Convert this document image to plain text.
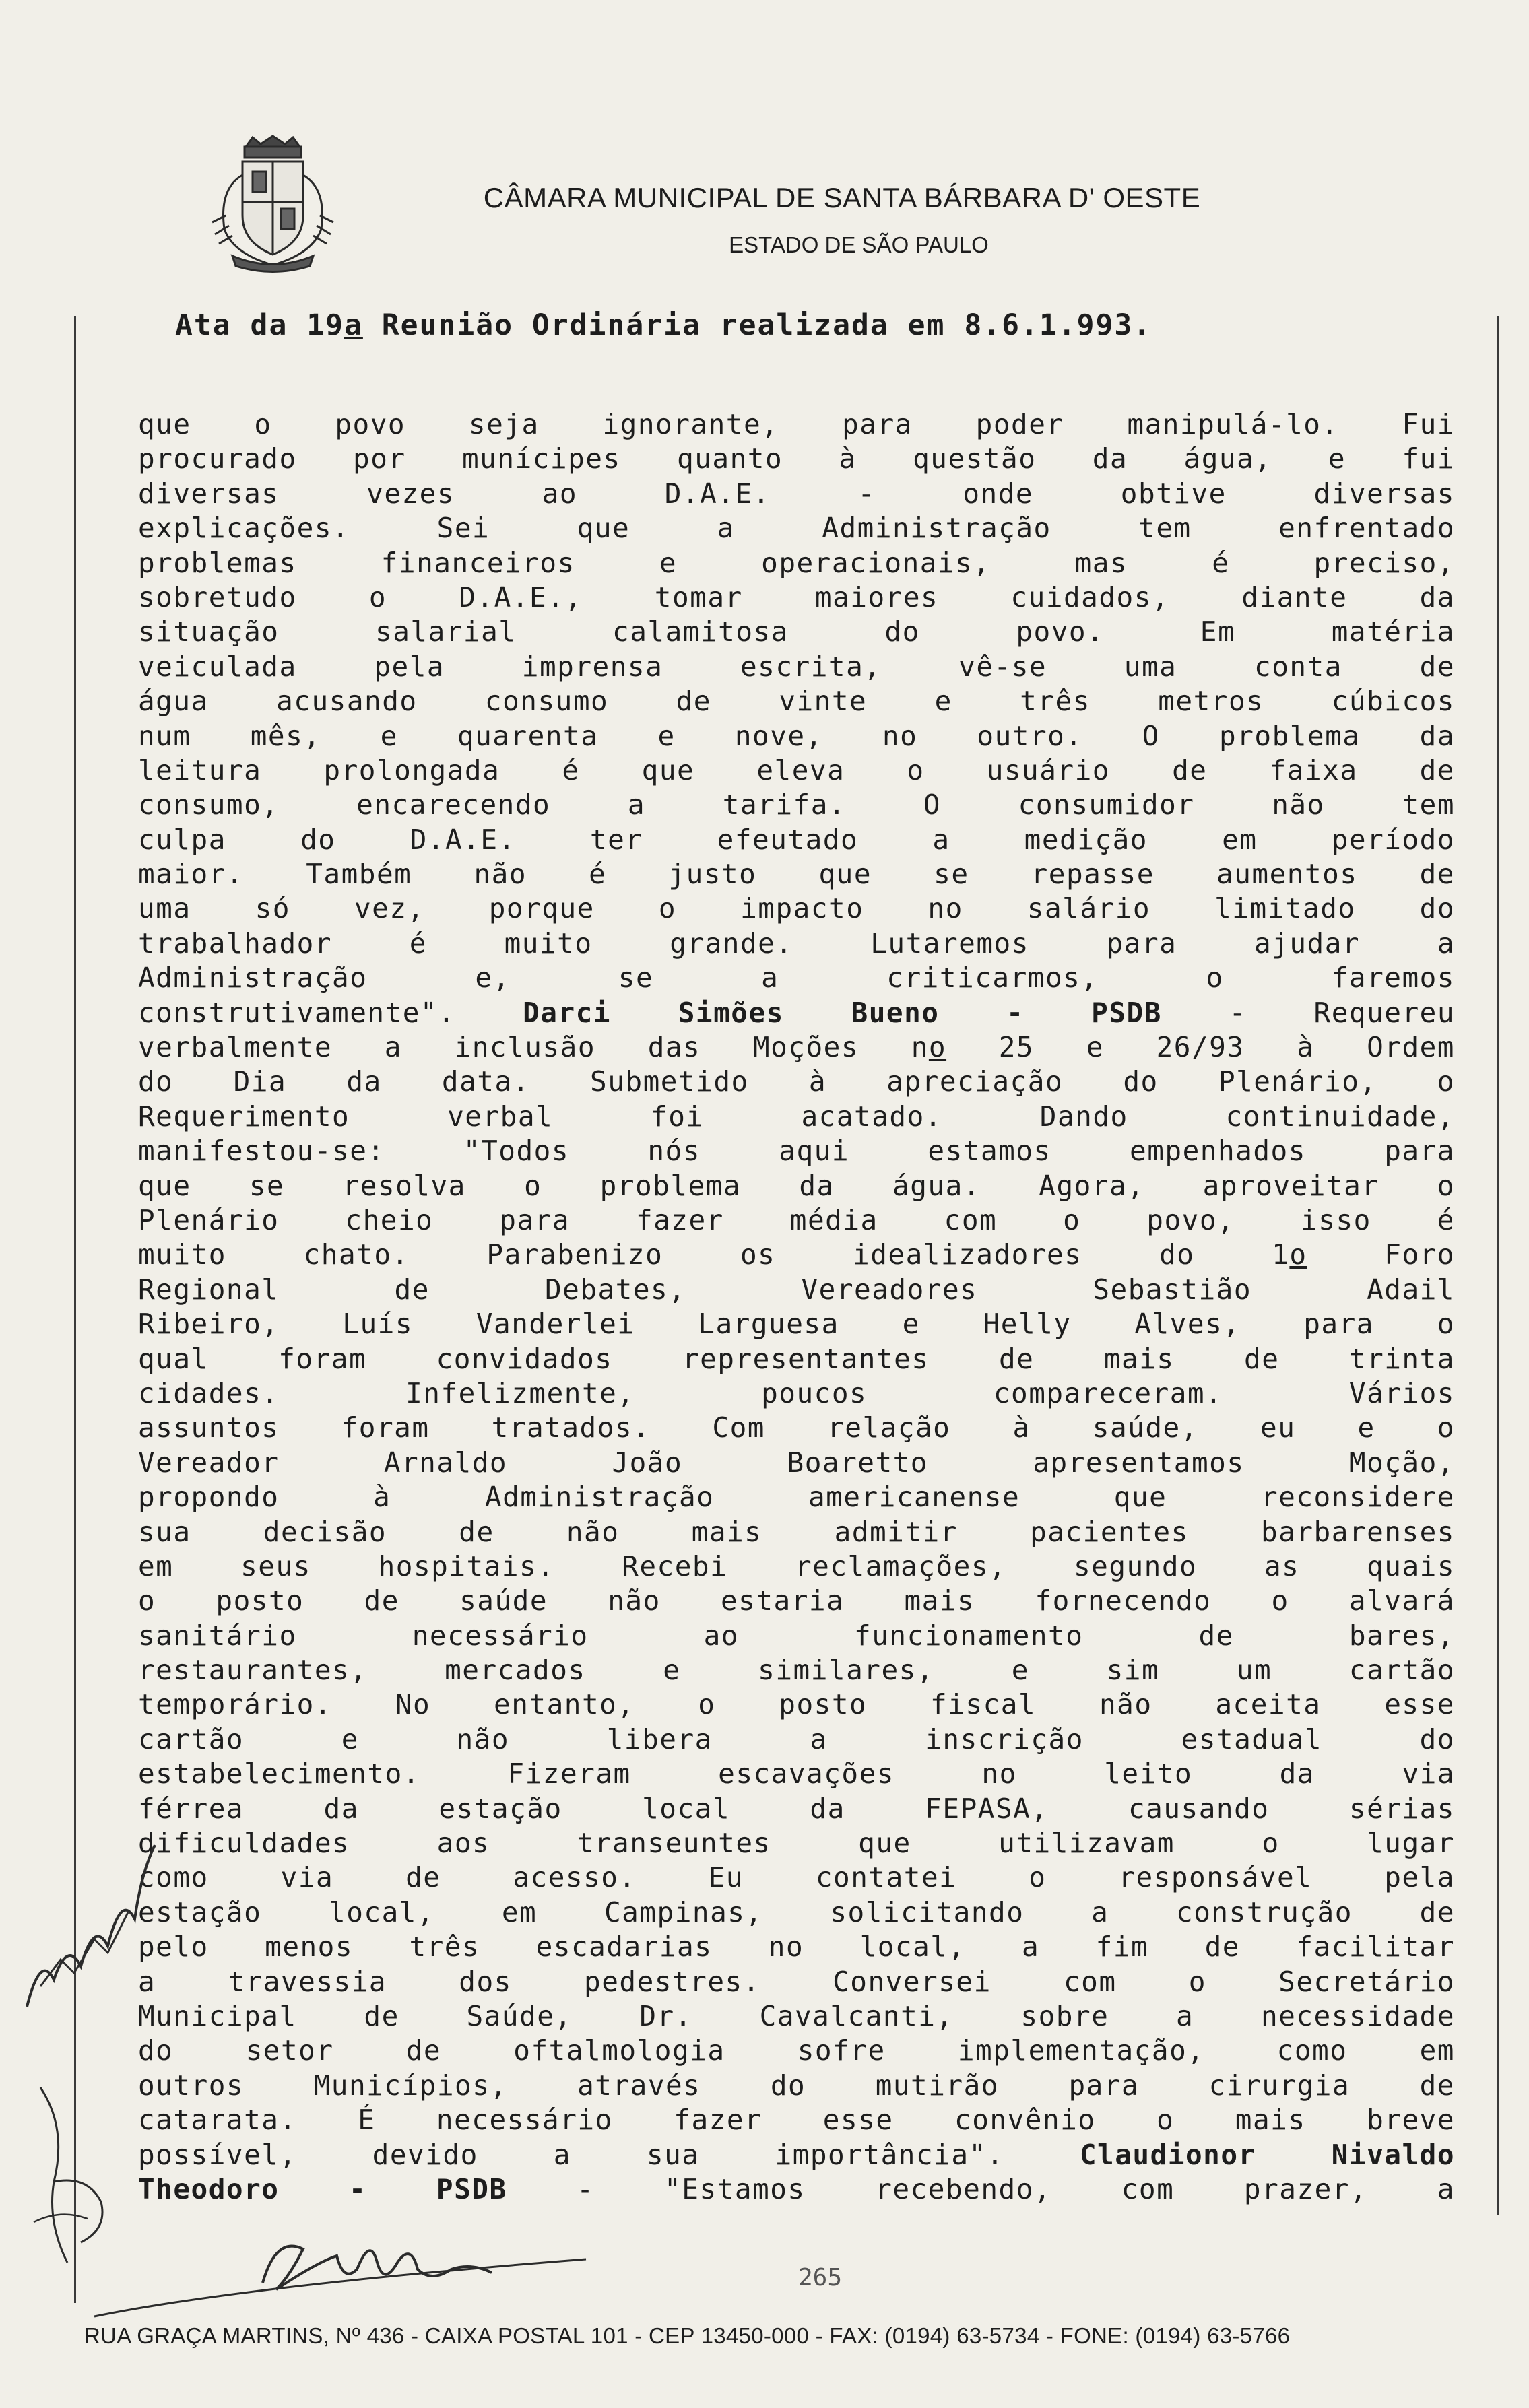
CÂMARA MUNICIPAL DE SANTA BÁRBARA D' OESTE
ESTADO DE SÃO PAULO
Ata da 19a Reunião Ordinária realizada em 8.6.1.993.
que o povo seja ignorante, para poder manipulá-lo. Fui
procurado por munícipes quanto à questão da água, e fui
diversas vezes ao D.A.E. - onde obtive diversas
explicações. Sei que a Administração tem enfrentado
problemas financeiros e operacionais, mas é preciso,
sobretudo o D.A.E., tomar maiores cuidados, diante da
situação salarial calamitosa do povo. Em matéria
veiculada pela imprensa escrita, vê-se uma conta de
água acusando consumo de vinte e três metros cúbicos
num mês, e quarenta e nove, no outro. O problema da
leitura prolongada é que eleva o usuário de faixa de
consumo, encarecendo a tarifa. O consumidor não tem
culpa do D.A.E. ter efeutado a medição em período
maior. Também não é justo que se repasse aumentos de
uma só vez, porque o impacto no salário limitado do
trabalhador é muito grande. Lutaremos para ajudar a
Administração e, se a criticarmos, o faremos
construtivamente". Darci Simões Bueno - PSDB - Requereu
verbalmente a inclusão das Moções no 25 e 26/93 à Ordem
do Dia da data. Submetido à apreciação do Plenário, o
Requerimento verbal foi acatado. Dando continuidade,
manifestou-se: "Todos nós aqui estamos empenhados para
que se resolva o problema da água. Agora, aproveitar o
Plenário cheio para fazer média com o povo, isso é
muito chato. Parabenizo os idealizadores do 1o Foro
Regional de Debates, Vereadores Sebastião Adail
Ribeiro, Luís Vanderlei Larguesa e Helly Alves, para o
qual foram convidados representantes de mais de trinta
cidades. Infelizmente, poucos compareceram. Vários
assuntos foram tratados. Com relação à saúde, eu e o
Vereador Arnaldo João Boaretto apresentamos Moção,
propondo à Administração americanense que reconsidere
sua decisão de não mais admitir pacientes barbarenses
em seus hospitais. Recebi reclamações, segundo as quais
o posto de saúde não estaria mais fornecendo o alvará
sanitário necessário ao funcionamento de bares,
restaurantes, mercados e similares, e sim um cartão
temporário. No entanto, o posto fiscal não aceita esse
cartão e não libera a inscrição estadual do
estabelecimento. Fizeram escavações no leito da via
férrea da estação local da FEPASA, causando sérias
dificuldades aos transeuntes que utilizavam o lugar
como via de acesso. Eu contatei o responsável pela
estação local, em Campinas, solicitando a construção de
pelo menos três escadarias no local, a fim de facilitar
a travessia dos pedestres. Conversei com o Secretário
Municipal de Saúde, Dr. Cavalcanti, sobre a necessidade
do setor de oftalmologia sofre implementação, como em
outros Municípios, através do mutirão para cirurgia de
catarata. É necessário fazer esse convênio o mais breve
possível, devido a sua importância". Claudionor Nivaldo
Theodoro - PSDB - "Estamos recebendo, com prazer, a
265
RUA GRAÇA MARTINS, Nº 436 - CAIXA POSTAL 101 - CEP 13450-000 - FAX: (0194) 63-5734 - FONE: (0194) 63-5766
